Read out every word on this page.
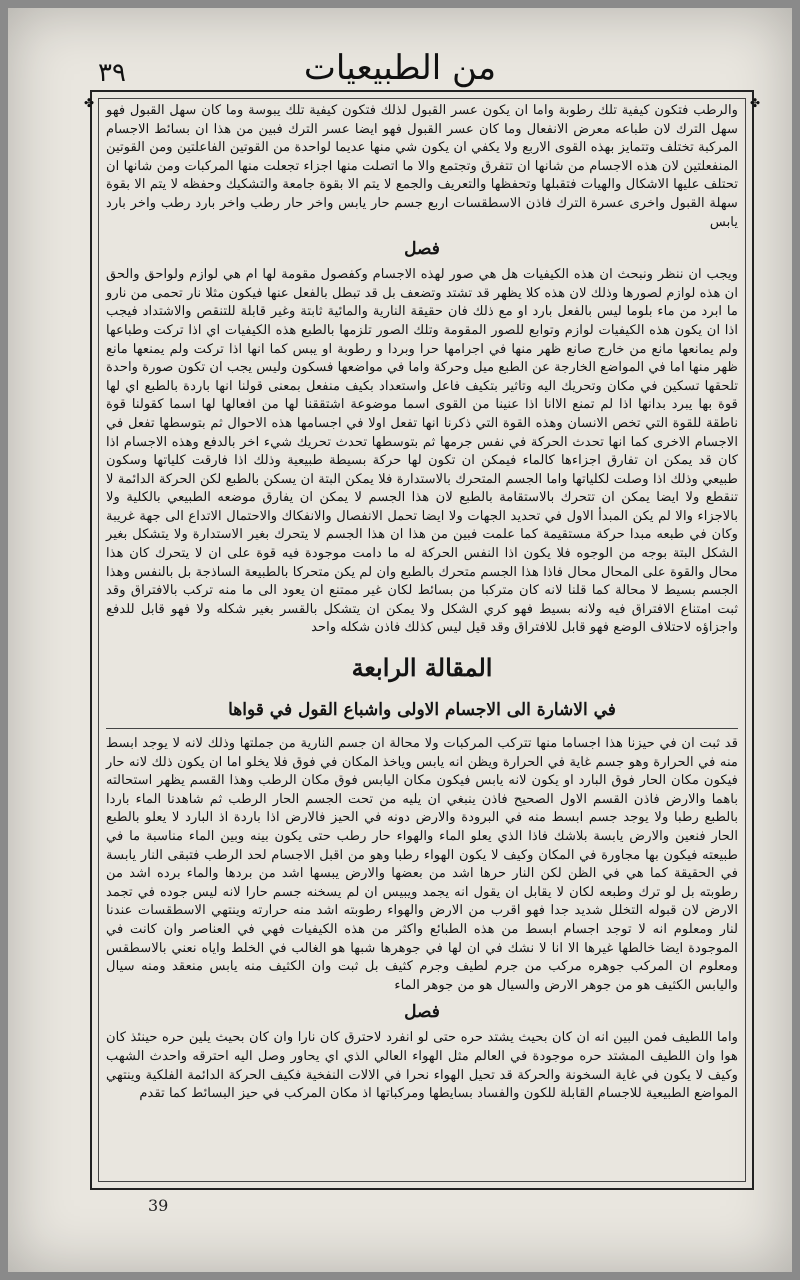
من الطبيعيات
٣٩
✤	✤

والرطب فتكون كيفية تلك رطوبة واما ان يكون عسر القبول لذلك فتكون كيفية تلك يبوسة وما كان سهل القبول فهو سهل الترك لان طباعه معرض الانفعال وما كان عسر القبول فهو ايضا عسر الترك فبين من هذا ان بسائط الاجسام المركبة تختلف وتتمايز بهذه القوى الاربع ولا يكفي ان يكون شي منها عديما لواحدة من القوتين الفاعلتين ومن القوتين المنفعلتين لان هذه الاجسام من شانها ان تتفرق وتجتمع والا ما اتصلت منها اجزاء تجعلت منها المركبات ومن شانها ان تحتلف عليها الاشكال والهيات فتقبلها وتحفظها والتعريف والجمع لا يتم الا بقوة جامعة والتشكيك وحفظه لا يتم الا بقوة سهلة القبول واخرى عسرة الترك فاذن الاسطقسات اربع جسم حار يابس واخر حار رطب واخر بارد رطب واخر بارد يابس

فصل

ويجب ان ننظر ونبحث ان هذه الكيفيات هل هي صور لهذه الاجسام وكفصول مقومة لها ام هي لوازم ولواحق والحق ان هذه لوازم لصورها وذلك لان هذه كلا يظهر قد تشتد وتضعف بل قد تبطل بالفعل عنها فيكون مثلا نار تحمى من نارو ما ابرد من ماء بلوما ليس بالفعل بارد او مع ذلك فان حقيقة النارية والمائية ثابتة وغير قابلة للتنقص والاشتداد فيجب اذا ان يكون هذه الكيفيات لوازم وتوابع للصور المقومة وتلك الصور تلزمها بالطبع هذه الكيفيات اي اذا تركت وطباعها ولم يمانعها مانع من خارج صانع ظهر منها في اجرامها حرا وبردا و رطوبة او يبس كما انها اذا تركت ولم يمنعها مانع ظهر منها اما في المواضع الخارجة عن الطبع ميل وحركة واما في مواضعها فسكون وليس يجب ان تكون صورة واحدة تلحقها تسكين في مكان وتحريك اليه وتاثير بتكيف فاعل واستعداد بكيف منفعل بمعنى قولنا انها باردة بالطبع اي لها قوة بها يبرد بدانها اذا لم تمنع الاانا اذا عنينا من القوى اسما موضوعة اشتققنا لها من افعالها لها اسما كقولنا قوة ناطقة للقوة التي تخص الانسان وهذه القوة التي ذكرنا انها تفعل اولا في اجسامها هذه الاحوال ثم بتوسطها تفعل في الاجسام الاخرى كما انها تحدث الحركة في نفس جرمها ثم بتوسطها تحدث تحريك شيء اخر بالدفع وهذه الاجسام اذا كان قد يمكن ان تفارق اجزاءها كالماء فيمكن ان تكون لها حركة بسيطة طبيعية وذلك اذا فارقت كلياتها وسكون طبيعي وذلك اذا وصلت لكلياتها واما الجسم المتحرك بالاستدارة فلا يمكن البتة ان يسكن بالطبع لكن الحركة الدائمة لا تنقطع ولا ايضا يمكن ان تتحرك بالاستقامة بالطبع لان هذا الجسم لا يمكن ان يفارق موضعه الطبيعي بالكلية ولا بالاجزاء والا لم يكن المبدأ الاول في تحديد الجهات ولا ايضا تحمل الانفصال والانفكاك والاحتمال الاتداع الى جهة غريبة وكان في طبعه مبدا حركة مستقيمة كما علمت فبين من هذا ان هذا الجسم لا يتحرك بغير الاستدارة ولا يتشكل بغير الشكل البتة بوجه من الوجوه فلا يكون اذا النفس الحركة له ما دامت موجودة فيه قوة على ان لا يتحرك كان هذا محال والقوة على المحال محال فاذا هذا الجسم متحرك بالطبع وان لم يكن متحركا بالطبيعة الساذجة بل بالنفس وهذا الجسم بسيط لا محالة كما قلنا لانه كان متركبا من بسائط لكان غير ممتنع ان يعود الى ما منه تركب بالافتراق وقد ثبت امتناع الافتراق فيه ولانه بسيط فهو كري الشكل ولا يمكن ان يتشكل بالقسر بغير شكله ولا فهو قابل للدفع واجزاؤه لاحتلاف الوضع فهو قابل للافتراق وقد قيل ليس كذلك فاذن شكله واحد

المقالة الرابعة
في الاشارة الى الاجسام الاولى واشباع القول في قواها

قد ثبت ان في حيزنا هذا اجساما منها تتركب المركبات ولا محالة ان جسم النارية من جملتها وذلك لانه لا يوجد ابسط منه في الحرارة وهو جسم غاية في الحرارة ويظن انه يابس وياخذ المكان في فوق فلا يخلو اما ان يكون ذلك لانه حار فيكون مكان الحار فوق البارد او يكون لانه يابس فيكون مكان اليابس فوق مكان الرطب وهذا القسم يظهر استحالته باهما والارض فاذن القسم الاول الصحيح فاذن ينبغي ان يليه من تحت الجسم الحار الرطب ثم شاهدنا الماء باردا بالطبع رطبا ولا يوجد جسم ابسط منه في البرودة والارض دونه في الحيز فالارض اذا باردة اذ البارد لا يعلو بالطبع الحار فنعين والارض يابسة بلاشك فاذا الذي يعلو الماء والهواء حار رطب حتى يكون بينه وبين الماء مناسبة ما في طبيعته فيكون بها مجاورة في المكان وكيف لا يكون الهواء رطبا وهو من اقبل الاجسام لحد الرطب فتبقى النار يابسة في الحقيقة كما هي في الظن لكن النار حرها اشد من بعضها والارض يبسها اشد من بردها والماء برده اشد من رطوبته بل لو ترك وطبعه لكان لا يقابل ان يقول انه يجمد ويبيس ان لم يسخنه جسم حارا لانه ليس جوده في تجمد الارض لان قبوله التخلل شديد جدا فهو اقرب من الارض والهواء رطوبته اشد منه حرارته وينتهي الاسطقسات عندنا لنار ومعلوم انه لا توجد اجسام ابسط من هذه الطبائع واكثر من هذه الكيفيات فهي في العناصر وان كانت في الموجودة ايضا خالطها غيرها الا انا لا نشك في ان لها في جوهرها شبها هو الغالب في الخلط واياه نعني بالاسطقس ومعلوم ان المركب جوهره مركب من جرم لطيف وجرم كثيف بل ثبت وان الكثيف منه يابس منعقد ومنه سيال واليابس الكثيف هو من جوهر الارض والسيال هو من جوهر الماء

فصل

واما اللطيف فمن البين انه ان كان بحيث يشتد حره حتى لو انفرد لاحترق كان نارا وان كان بحيث يلين حره حينئذ كان هوا وان اللطيف المشتد حره موجودة في العالم مثل الهواء العالي الذي اي يحاور وصل اليه احترقه واحدث الشهب وكيف لا يكون في غاية السخونة والحركة قد تحيل الهواء نحرا في الالات النفخية فكيف الحركة الدائمة الفلكية وينتهي المواضع الطبيعية للاجسام القابلة للكون والفساد بسايطها ومركباتها اذ مكان المركب في حيز البسائط كما تقدم

39
